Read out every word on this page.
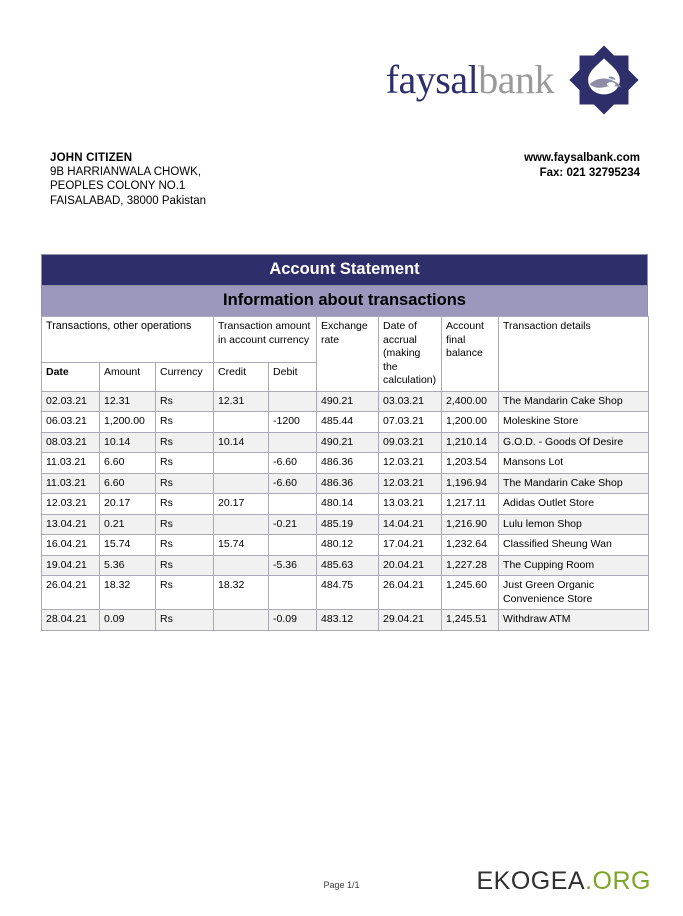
faysalbank
JOHN CITIZEN
9B HARRIANWALA CHOWK,
PEOPLES COLONY NO.1
FAISALABAD, 38000 Pakistan
www.faysalbank.com
Fax: 021 32795234
Account Statement
Information about transactions
Transactions, other operations			Transaction amount in account currency		Exchange rate	Date of accrual (making the calculation)	Account final balance	Transaction details
Date	Amount	Currency	Credit	Debit				
02.03.21	12.31	Rs	12.31		490.21	03.03.21	2,400.00	The Mandarin Cake Shop
06.03.21	1,200.00	Rs		-1200	485.44	07.03.21	1,200.00	Moleskine Store
08.03.21	10.14	Rs	10.14		490.21	09.03.21	1,210.14	G.O.D. - Goods Of Desire
11.03.21	6.60	Rs		-6.60	486.36	12.03.21	1,203.54	Mansons Lot
11.03.21	6.60	Rs		-6.60	486.36	12.03.21	1,196.94	The Mandarin Cake Shop
12.03.21	20.17	Rs	20.17		480.14	13.03.21	1,217.11	Adidas Outlet Store
13.04.21	0.21	Rs		-0.21	485.19	14.04.21	1,216.90	Lulu lemon Shop
16.04.21	15.74	Rs	15.74		480.12	17.04.21	1,232.64	Classified Sheung Wan
19.04.21	5.36	Rs		-5.36	485.63	20.04.21	1,227.28	The Cupping Room
26.04.21	18.32	Rs	18.32		484.75	26.04.21	1,245.60	Just Green Organic Convenience Store
28.04.21	0.09	Rs		-0.09	483.12	29.04.21	1,245.51	Withdraw ATM
Page 1/1	EKOGEA.ORG
